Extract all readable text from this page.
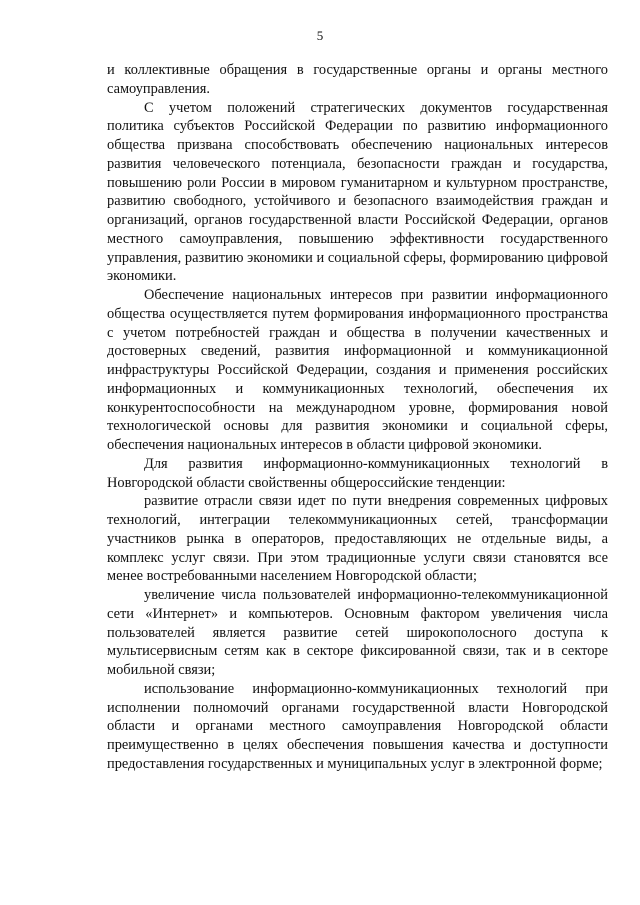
5

и коллективные обращения в государственные органы и органы местного самоуправления.

С учетом положений стратегических документов государственная политика субъектов Российской Федерации по развитию информационного общества призвана способствовать обеспечению национальных интересов развития человеческого потенциала, безопасности граждан и государства, повышению роли России в мировом гуманитарном и культурном пространстве, развитию свободного, устойчивого и безопасного взаимодействия граждан и организаций, органов государственной власти Российской Федерации, органов местного самоуправления, повышению эффективности государственного управления, развитию экономики и социальной сферы, формированию цифровой экономики.

Обеспечение национальных интересов при развитии информационного общества осуществляется путем формирования информационного пространства с учетом потребностей граждан и общества в получении качественных и достоверных сведений, развития информационной и коммуникационной инфраструктуры Российской Федерации, создания и применения российских информационных и коммуникационных технологий, обеспечения их конкурентоспособности на международном уровне, формирования новой технологической основы для развития экономики и социальной сферы, обеспечения национальных интересов в области цифровой экономики.

Для развития информационно-коммуникационных технологий в Новгородской области свойственны общероссийские тенденции:

развитие отрасли связи идет по пути внедрения современных цифровых технологий, интеграции телекоммуникационных сетей, трансформации участников рынка в операторов, предоставляющих не отдельные виды, а комплекс услуг связи. При этом традиционные услуги связи становятся все менее востребованными населением Новгородской области;

увеличение числа пользователей информационно-телекоммуникационной сети «Интернет» и компьютеров. Основным фактором увеличения числа пользователей является развитие сетей широкополосного доступа к мультисервисным сетям как в секторе фиксированной связи, так и в секторе мобильной связи;

использование информационно-коммуникационных технологий при исполнении полномочий органами государственной власти Новгородской области и органами местного самоуправления Новгородской области преимущественно в целях обеспечения повышения качества и доступности предоставления государственных и муниципальных услуг в электронной форме;
